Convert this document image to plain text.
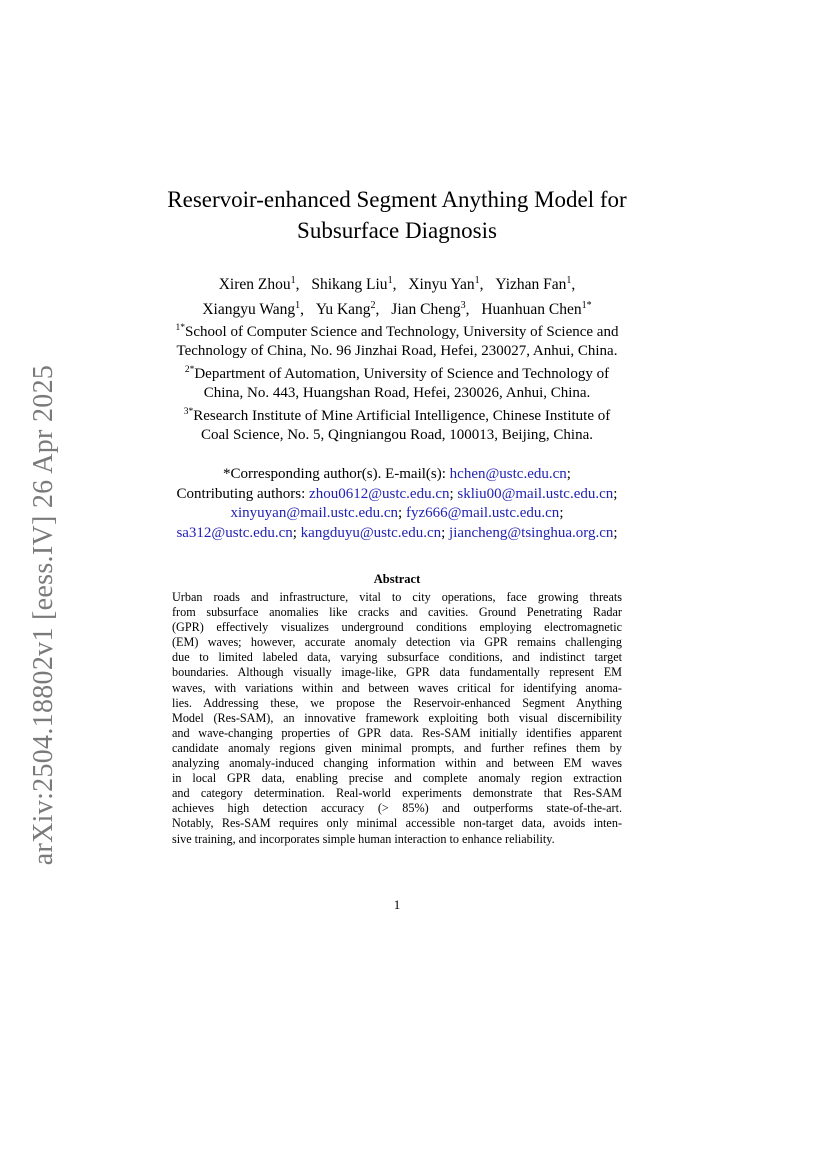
arXiv:2504.18802v1 [eess.IV] 26 Apr 2025
Reservoir-enhanced Segment Anything Model for
Subsurface Diagnosis
Xiren Zhou$^1$, Shikang Liu$^1$, Xinyu Yan$^1$, Yizhan Fan$^1$,
Xiangyu Wang$^1$, Yu Kang$^2$, Jian Cheng$^3$, Huanhuan Chen$^{1*}$
$^{1*}$School of Computer Science and Technology, University of Science and
Technology of China, No. 96 Jinzhai Road, Hefei, 230027, Anhui, China.
$^{2*}$Department of Automation, University of Science and Technology of
China, No. 443, Huangshan Road, Hefei, 230026, Anhui, China.
$^{3*}$Research Institute of Mine Artificial Intelligence, Chinese Institute of
Coal Science, No. 5, Qingniangou Road, 100013, Beijing, China.
*Corresponding author(s). E-mail(s): hchen@ustc.edu.cn;
Contributing authors: zhou0612@ustc.edu.cn; skliu00@mail.ustc.edu.cn;
xinyuyan@mail.ustc.edu.cn; fyz666@mail.ustc.edu.cn;
sa312@ustc.edu.cn; kangduyu@ustc.edu.cn; jiancheng@tsinghua.org.cn;
Abstract
Urban roads and infrastructure, vital to city operations, face growing threats
from subsurface anomalies like cracks and cavities. Ground Penetrating Radar
(GPR) effectively visualizes underground conditions employing electromagnetic
(EM) waves; however, accurate anomaly detection via GPR remains challenging
due to limited labeled data, varying subsurface conditions, and indistinct target
boundaries. Although visually image-like, GPR data fundamentally represent EM
waves, with variations within and between waves critical for identifying anoma-
lies. Addressing these, we propose the Reservoir-enhanced Segment Anything
Model (Res-SAM), an innovative framework exploiting both visual discernibility
and wave-changing properties of GPR data. Res-SAM initially identifies apparent
candidate anomaly regions given minimal prompts, and further refines them by
analyzing anomaly-induced changing information within and between EM waves
in local GPR data, enabling precise and complete anomaly region extraction
and category determination. Real-world experiments demonstrate that Res-SAM
achieves high detection accuracy (> 85%) and outperforms state-of-the-art.
Notably, Res-SAM requires only minimal accessible non-target data, avoids inten-
sive training, and incorporates simple human interaction to enhance reliability.
1
